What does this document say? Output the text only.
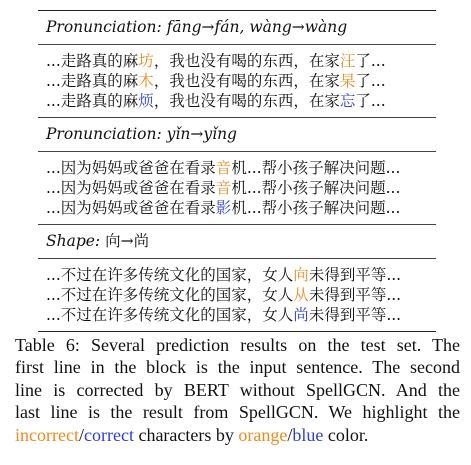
Pronunciation: fāng→fán, wàng→wàng
...走路真的麻坊，我也没有喝的东西，在家汪了...
...走路真的麻木，我也没有喝的东西，在家杲了...
...走路真的麻烦，我也没有喝的东西，在家忘了...
Pronunciation: yǐn→yǐng
...因为妈妈或爸爸在看录音机...帮小孩子解决问题...
...因为妈妈或爸爸在看录音机...帮小孩子解决问题...
...因为妈妈或爸爸在看录影机...帮小孩子解决问题...
Shape: 向→尚
...不过在许多传统文化的国家，女人向未得到平等...
...不过在许多传统文化的国家，女人从未得到平等...
...不过在许多传统文化的国家，女人尚未得到平等...
Table 6: Several prediction results on the test set. The
first line in the block is the input sentence. The second
line is corrected by BERT without SpellGCN. And the
last line is the result from SpellGCN. We highlight the
incorrect/correct characters by orange/blue color.
